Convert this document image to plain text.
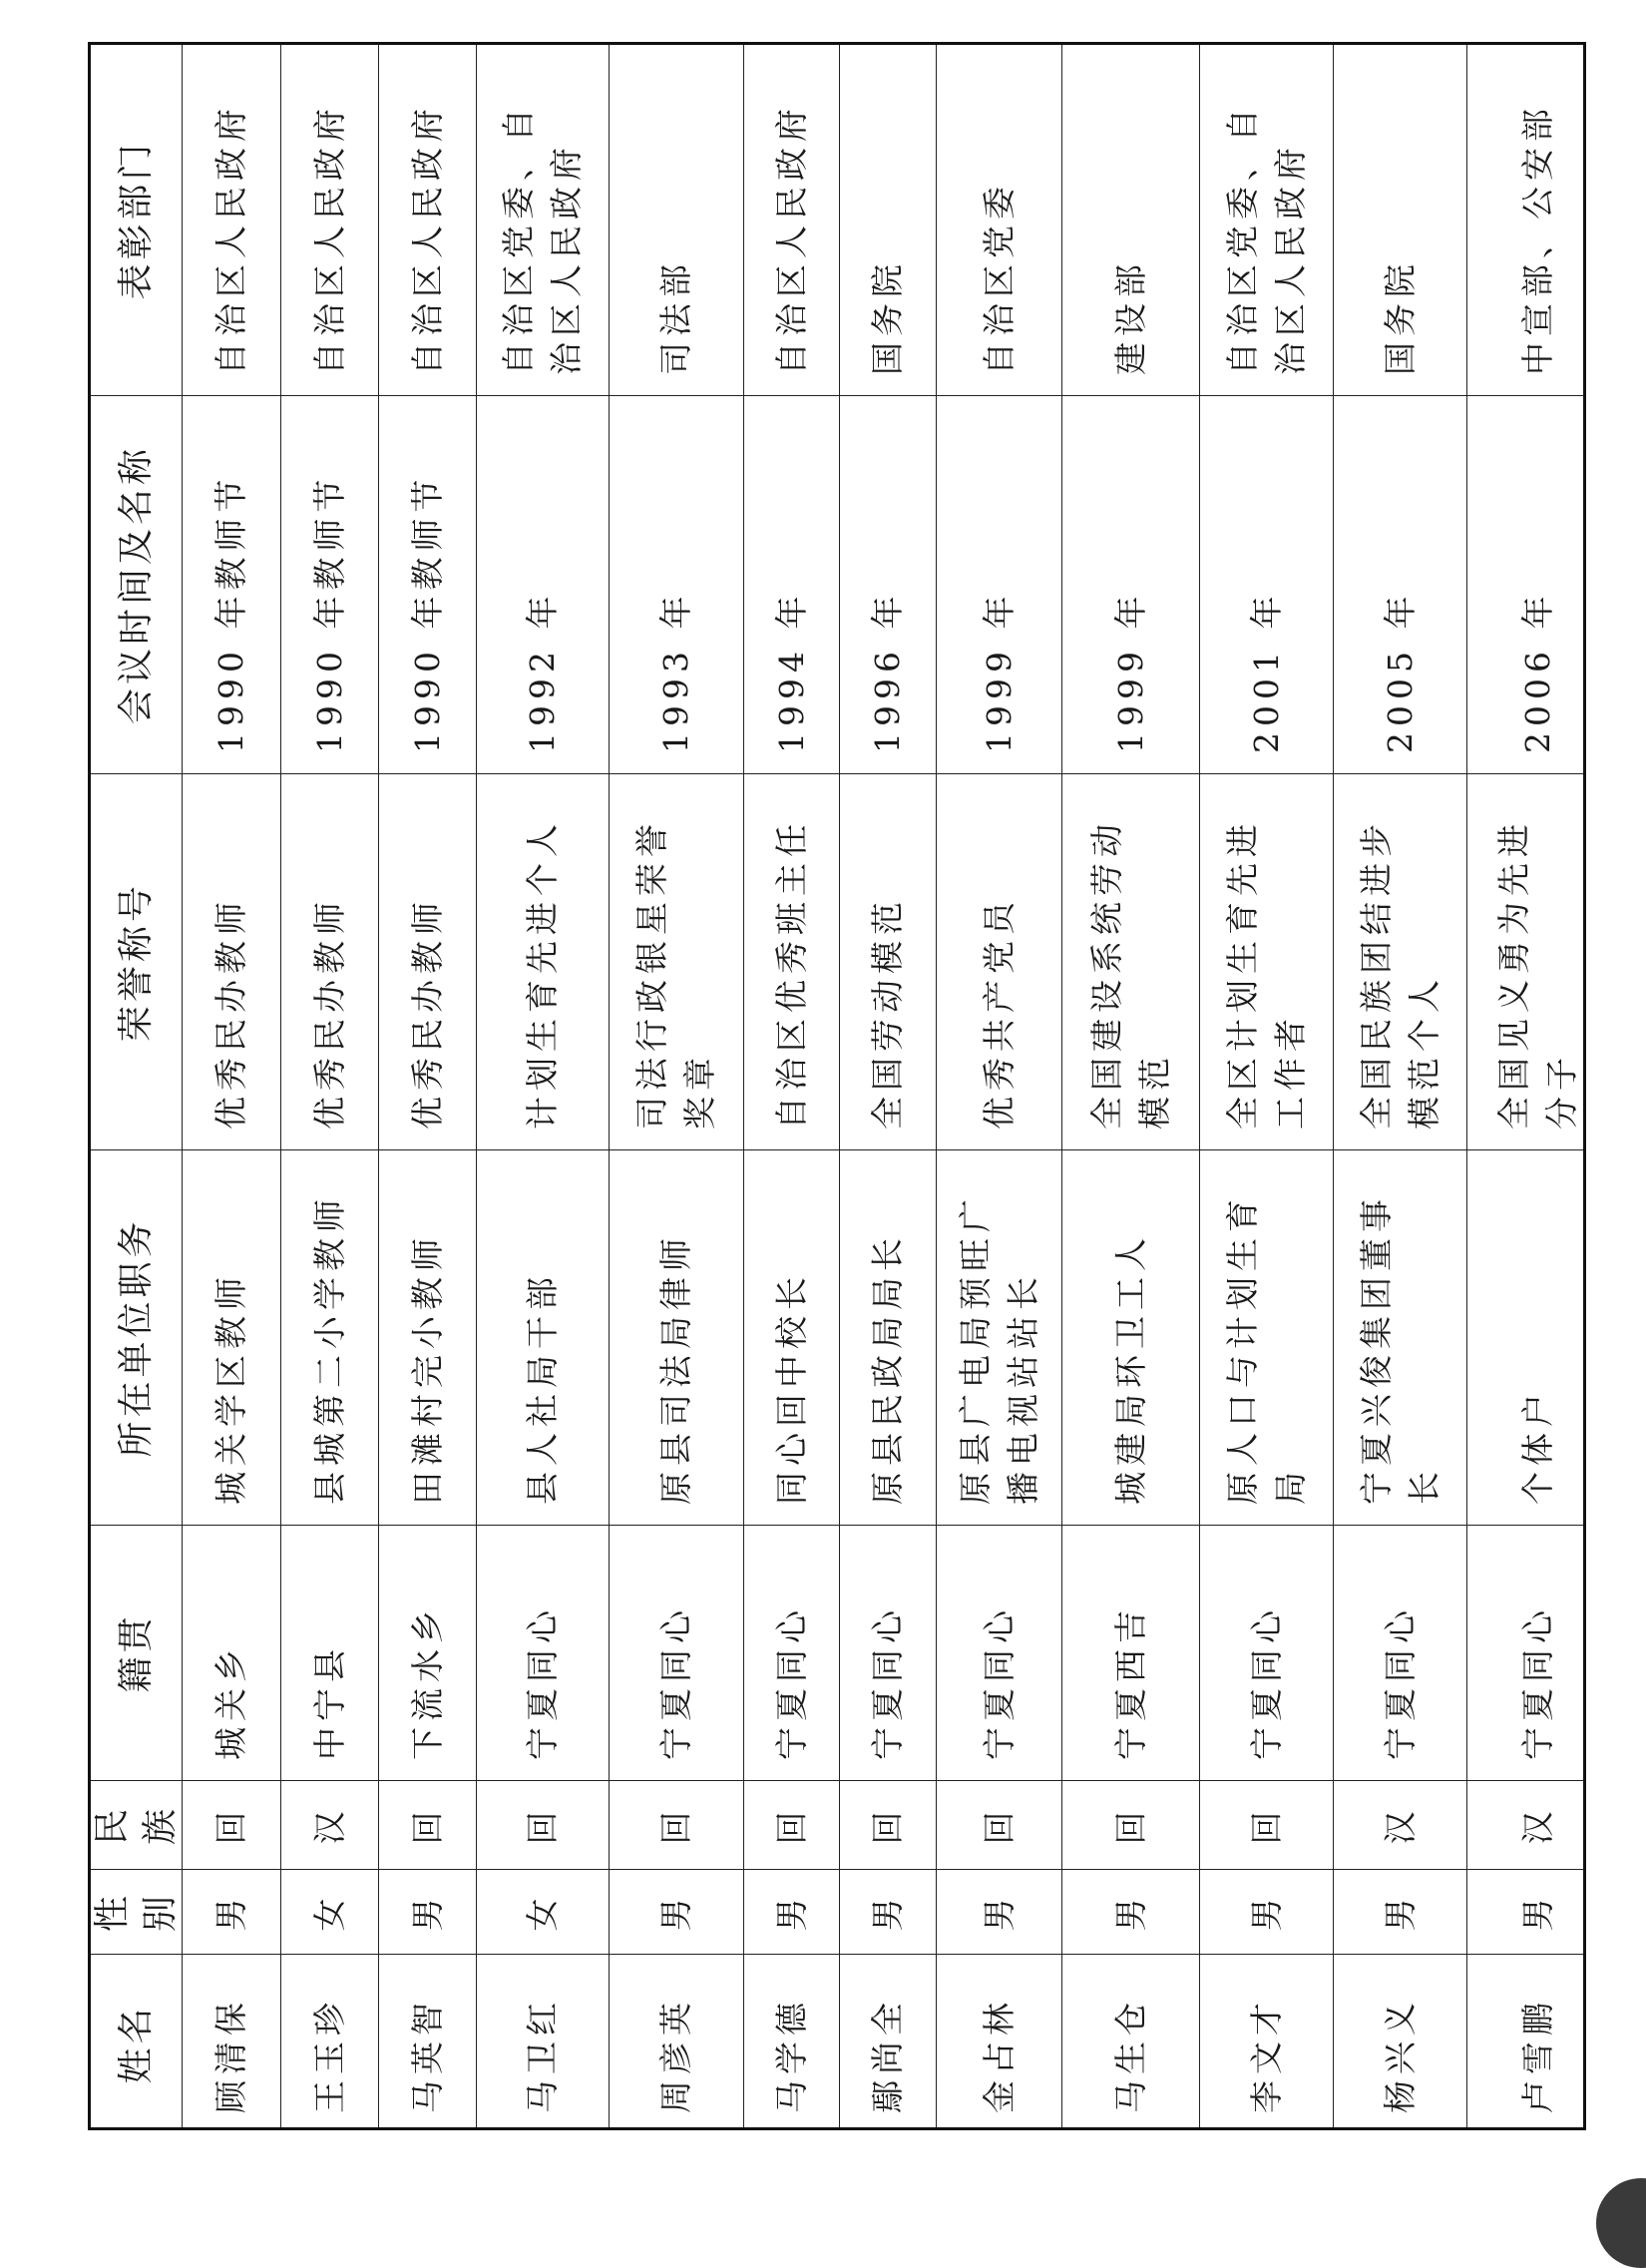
姓名
性别
民族
籍贯
所在单位职务
荣誉称号
会议时间及名称
表彰部门
顾清保
男
回
城关乡
城关学区教师
优秀民办教师
1990 年教师节
自治区人民政府
王玉珍
女
汉
中宁县
县城第二小学教师
优秀民办教师
1990 年教师节
自治区人民政府
马英智
男
回
下流水乡
田滩村完小教师
优秀民办教师
1990 年教师节
自治区人民政府
马卫红
女
回
宁夏同心
县人社局干部
计划生育先进个人
1992 年
自治区党委、自治区人民政府
周彦英
男
回
宁夏同心
原县司法局律师
司法行政银星荣誉奖章
1993 年
司法部
马学德
男
回
宁夏同心
同心回中校长
自治区优秀班主任
1994 年
自治区人民政府
鄢尚全
男
回
宁夏同心
原县民政局局长
全国劳动模范
1996 年
国务院
金占林
男
回
宁夏同心
原县广电局预旺广播电视站站长
优秀共产党员
1999 年
自治区党委
马生仓
男
回
宁夏西吉
城建局环卫工人
全国建设系统劳动模范
1999 年
建设部
李文才
男
回
宁夏同心
原人口与计划生育局
全区计划生育先进工作者
2001 年
自治区党委、自治区人民政府
杨兴义
男
汉
宁夏同心
宁夏兴俊集团董事长
全国民族团结进步模范个人
2005 年
国务院
卢雪鹏
男
汉
宁夏同心
个体户
全国见义勇为先进分子
2006 年
中宣部、公安部
